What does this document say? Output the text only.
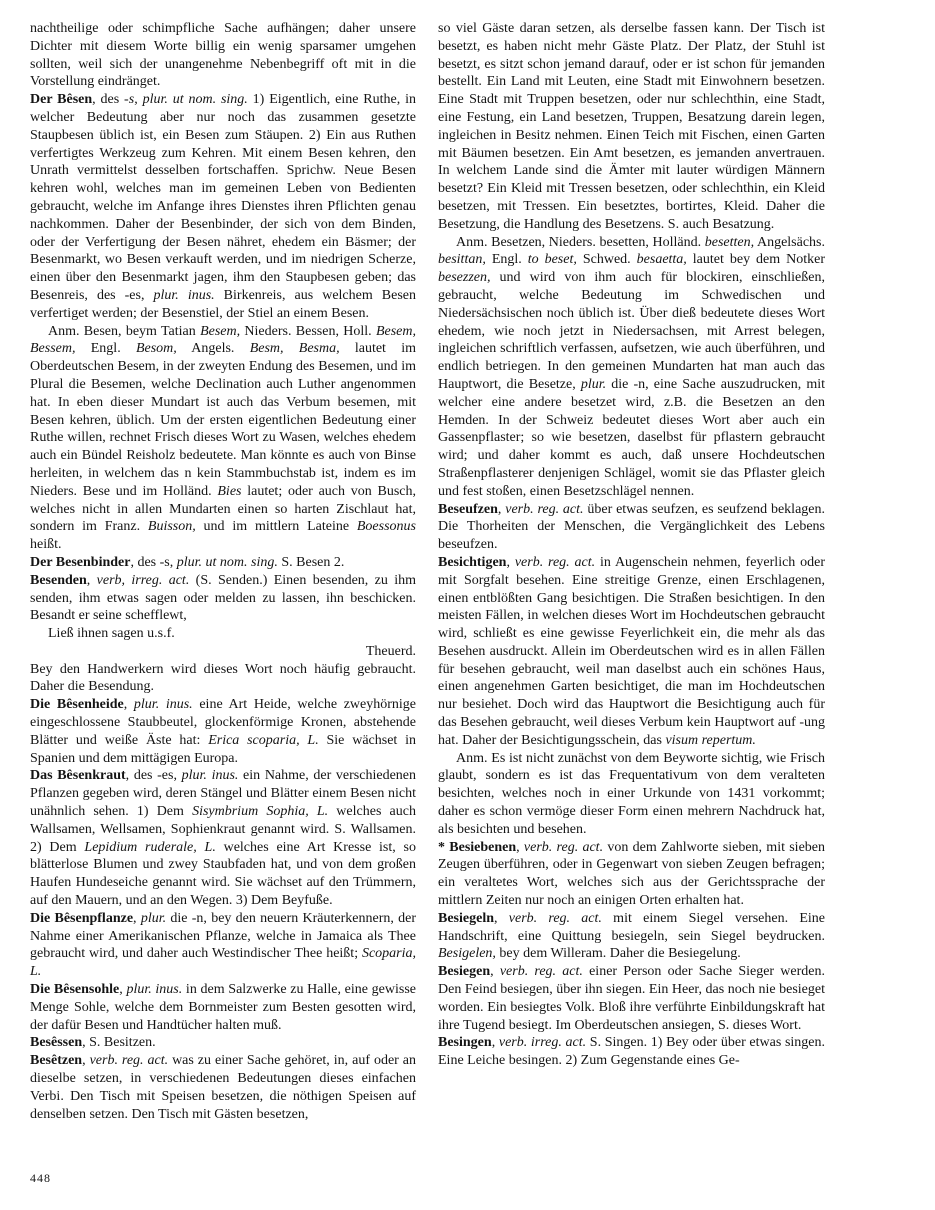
nachtheilige oder schimpfliche Sache aufhängen; daher unsere Dichter mit diesem Worte billig ein wenig sparsamer umgehen sollten, weil sich der unangenehme Nebenbegriff oft mit in die Vorstellung eindränget.

Der Bêsen, des -s, plur. ut nom. sing. 1) Eigentlich, eine Ruthe, in welcher Bedeutung aber nur noch das zusammen gesetzte Staupbesen üblich ist, ein Besen zum Stäupen. 2) Ein aus Ruthen verfertigtes Werkzeug zum Kehren. Mit einem Besen kehren, den Unrath vermittelst desselben fortschaffen. Sprichw. Neue Besen kehren wohl, welches man im gemeinen Leben von Bedienten gebraucht, welche im Anfange ihres Dienstes ihren Pflichten genau nachkommen. Daher der Besenbinder, der sich von dem Binden, oder der Verfertigung der Besen nähret, ehedem ein Bäsmer; der Besenmarkt, wo Besen verkauft werden, und im niedrigen Scherze, einen über den Besenmarkt jagen, ihm den Staupbesen geben; das Besenreis, des -es, plur. inus. Birkenreis, aus welchem Besen verfertiget werden; der Besenstiel, der Stiel an einem Besen.

Anm. Besen, beym Tatian Besem, Nieders. Bessen, Holl. Besem, Bessem, Engl. Besom, Angels. Besm, Besma, lautet im Oberdeutschen Besem, in der zweyten Endung des Besemen, und im Plural die Besemen, welche Declination auch Luther angenommen hat. In eben dieser Mundart ist auch das Verbum besemen, mit Besen kehren, üblich. Um der ersten eigentlichen Bedeutung einer Ruthe willen, rechnet Frisch dieses Wort zu Wasen, welches ehedem auch ein Bündel Reisholz bedeutete. Man könnte es auch von Binse herleiten, in welchem das n kein Stammbuchstab ist, indem es im Nieders. Bese und im Holländ. Bies lautet; oder auch von Busch, welches nicht in allen Mundarten einen so harten Zischlaut hat, sondern im Franz. Buisson, und im mittlern Lateine Boessonus heißt.

Der Besenbinder, des -s, plur. ut nom. sing. S. Besen 2.

Besenden, verb, irreg. act. (S. Senden.) Einen besenden, zu ihm senden, ihm etwas sagen oder melden zu lassen, ihn beschicken. Besandt er seine schefflewt,

Ließ ihnen sagen u.s.f.

Theuerd.

Bey den Handwerkern wird dieses Wort noch häufig gebraucht. Daher die Besendung.

Die Bêsenheide, plur. inus. eine Art Heide, welche zweyhörnige eingeschlossene Staubbeutel, glockenförmige Kronen, abstehende Blätter und weiße Äste hat: Erica scoparia, L. Sie wächset in Spanien und dem mittägigen Europa.

Das Bêsenkraut, des -es, plur. inus. ein Nahme, der verschiedenen Pflanzen gegeben wird, deren Stängel und Blätter einem Besen nicht unähnlich sehen. 1) Dem Sisymbrium Sophia, L. welches auch Wallsamen, Wellsamen, Sophienkraut genannt wird. S. Wallsamen. 2) Dem Lepidium ruderale, L. welches eine Art Kresse ist, so blätterlose Blumen und zwey Staubfaden hat, und von dem großen Haufen Hundeseiche genannt wird. Sie wächset auf den Trümmern, auf den Mauern, und an den Wegen. 3) Dem Beyfuße.

Die Bêsenpflanze, plur. die -n, bey den neuern Kräuterkennern, der Nahme einer Amerikanischen Pflanze, welche in Jamaica als Thee gebraucht wird, und daher auch Westindischer Thee heißt; Scoparia, L.

Die Bêsensohle, plur. inus. in dem Salzwerke zu Halle, eine gewisse Menge Sohle, welche dem Bornmeister zum Besten gesotten wird, der dafür Besen und Handtücher halten muß.

Besêssen, S. Besitzen.

Besêtzen, verb. reg. act. was zu einer Sache gehöret, in, auf oder an dieselbe setzen, in verschiedenen Bedeutungen dieses einfachen Verbi. Den Tisch mit Speisen besetzen, die nöthigen Speisen auf denselben setzen. Den Tisch mit Gästen besetzen,

so viel Gäste daran setzen, als derselbe fassen kann. Der Tisch ist besetzt, es haben nicht mehr Gäste Platz. Der Platz, der Stuhl ist besetzt, es sitzt schon jemand darauf, oder er ist schon für jemanden bestellt. Ein Land mit Leuten, eine Stadt mit Einwohnern besetzen. Eine Stadt mit Truppen besetzen, oder nur schlechthin, eine Stadt, eine Festung, ein Land besetzen, Truppen, Besatzung darein legen, ingleichen in Besitz nehmen. Einen Teich mit Fischen, einen Garten mit Bäumen besetzen. Ein Amt besetzen, es jemanden anvertrauen. In welchem Lande sind die Ämter mit lauter würdigen Männern besetzt? Ein Kleid mit Tressen besetzen, oder schlechthin, ein Kleid besetzen, mit Tressen. Ein besetztes, bortirtes, Kleid. Daher die Besetzung, die Handlung des Besetzens. S. auch Besatzung.

Anm. Besetzen, Nieders. besetten, Holländ. besetten, Angelsächs. besittan, Engl. to beset, Schwed. besaetta, lautet bey dem Notker besezzen, und wird von ihm auch für blockiren, einschließen, gebraucht, welche Bedeutung im Schwedischen und Niedersächsischen noch üblich ist. Über dieß bedeutete dieses Wort ehedem, wie noch jetzt in Niedersachsen, mit Arrest belegen, ingleichen schriftlich verfassen, aufsetzen, wie auch überführen, und endlich betriegen. In den gemeinen Mundarten hat man auch das Hauptwort, die Besetze, plur. die -n, eine Sache auszudrucken, mit welcher eine andere besetzet wird, z.B. die Besetzen an den Hemden. In der Schweiz bedeutet dieses Wort aber auch ein Gassenpflaster; so wie besetzen, daselbst für pflastern gebraucht wird; und daher kommt es auch, daß unsere Hochdeutschen Straßenpflasterer denjenigen Schlägel, womit sie das Pflaster gleich und fest stoßen, einen Besetzschlägel nennen.

Beseufzen, verb. reg. act. über etwas seufzen, es seufzend beklagen. Die Thorheiten der Menschen, die Vergänglichkeit des Lebens beseufzen.

Besichtigen, verb. reg. act. in Augenschein nehmen, feyerlich oder mit Sorgfalt besehen. Eine streitige Grenze, einen Erschlagenen, einen entblößten Gang besichtigen. Die Straßen besichtigen. In den meisten Fällen, in welchen dieses Wort im Hochdeutschen gebraucht wird, schließt es eine gewisse Feyerlichkeit ein, die mehr als das Besehen ausdruckt. Allein im Oberdeutschen wird es in allen Fällen für besehen gebraucht, weil man daselbst auch ein schönes Haus, einen angenehmen Garten besichtiget, die man im Hochdeutschen nur besiehet. Doch wird das Hauptwort die Besichtigung auch für das Besehen gebraucht, weil dieses Verbum kein Hauptwort auf -ung hat. Daher der Besichtigungsschein, das visum repertum.

Anm. Es ist nicht zunächst von dem Beyworte sichtig, wie Frisch glaubt, sondern es ist das Frequentativum von dem veralteten besichten, welches noch in einer Urkunde von 1431 vorkommt; daher es schon vermöge dieser Form einen mehrern Nachdruck hat, als besichten und besehen.

* Besiebenen, verb. reg. act. von dem Zahlworte sieben, mit sieben Zeugen überführen, oder in Gegenwart von sieben Zeugen befragen; ein veraltetes Wort, welches sich aus der Gerichtssprache der mittlern Zeiten nur noch an einigen Orten erhalten hat.

Besiegeln, verb. reg. act. mit einem Siegel versehen. Eine Handschrift, eine Quittung besiegeln, sein Siegel beydrucken. Besigelen, bey dem Willeram. Daher die Besiegelung.

Besiegen, verb. reg. act. einer Person oder Sache Sieger werden. Den Feind besiegen, über ihn siegen. Ein Heer, das noch nie besieget worden. Ein besiegtes Volk. Bloß ihre verführte Einbildungskraft hat ihre Tugend besiegt. Im Oberdeutschen ansiegen, S. dieses Wort.

Besingen, verb. irreg. act. S. Singen. 1) Bey oder über etwas singen. Eine Leiche besingen. 2) Zum Gegenstande eines Ge-

448
